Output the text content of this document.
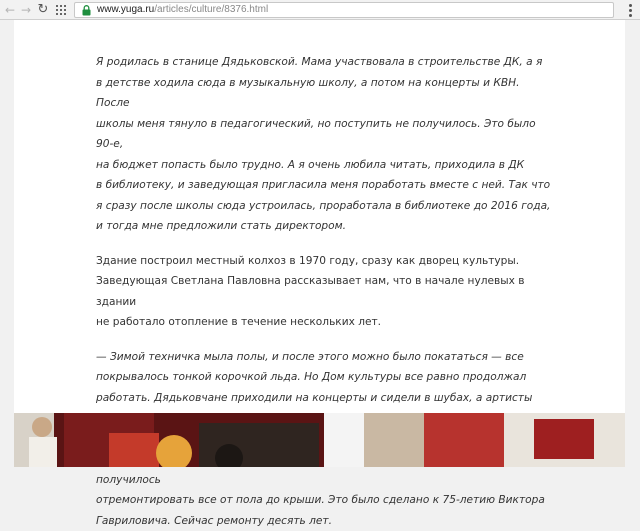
← → ↻	www.yuga.ru/articles/culture/8376.html

Я родилась в станице Дядьковской. Мама участвовала в строительстве ДК, а я
в детстве ходила сюда в музыкальную школу, а потом на концерты и КВН. После
школы меня тянуло в педагогический, но поступить не получилось. Это было 90-е,
на бюджет попасть было трудно. А я очень любила читать, приходила в ДК
в библиотеку, и заведующая пригласила меня поработать вместе с ней. Так что
я сразу после школы сюда устроилась, проработала в библиотеке до 2016 года,
и тогда мне предложили стать директором.

Здание построил местный колхоз в 1970 году, сразу как дворец культуры.
Заведующая Светлана Павловна рассказывает нам, что в начале нулевых в здании
не работало отопление в течение нескольких лет.

— Зимой техничка мыла полы, и после этого можно было покататься — все
покрывалось тонкой корочкой льда. Но Дом культуры все равно продолжал
работать. Дядьковчане приходили на концерты и сидели в шубах, а артисты

получилось
отремонтировать все от пола до крыши. Это было сделано к 75-летию Виктора
Гавриловича. Сейчас ремонту десять лет.
